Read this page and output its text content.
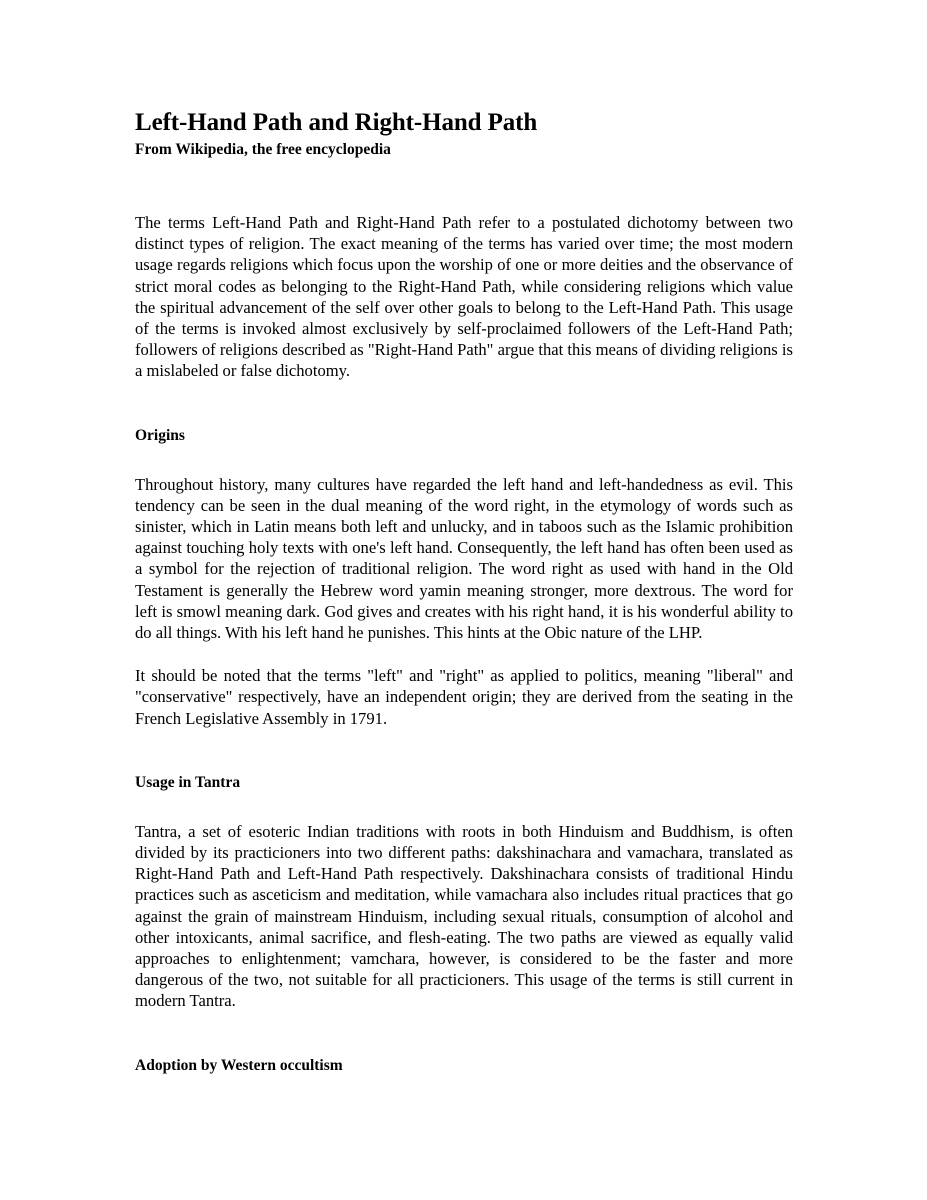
Left-Hand Path and Right-Hand Path
From Wikipedia, the free encyclopedia

The terms Left-Hand Path and Right-Hand Path refer to a postulated dichotomy between two distinct types of religion. The exact meaning of the terms has varied over time; the most modern usage regards religions which focus upon the worship of one or more deities and the observance of strict moral codes as belonging to the Right-Hand Path, while considering religions which value the spiritual advancement of the self over other goals to belong to the Left-Hand Path. This usage of the terms is invoked almost exclusively by self-proclaimed followers of the Left-Hand Path; followers of religions described as "Right-Hand Path" argue that this means of dividing religions is a mislabeled or false dichotomy.

Origins

Throughout history, many cultures have regarded the left hand and left-handedness as evil. This tendency can be seen in the dual meaning of the word right, in the etymology of words such as sinister, which in Latin means both left and unlucky, and in taboos such as the Islamic prohibition against touching holy texts with one's left hand. Consequently, the left hand has often been used as a symbol for the rejection of traditional religion. The word right as used with hand in the Old Testament is generally the Hebrew word yamin meaning stronger, more dextrous. The word for left is smowl meaning dark. God gives and creates with his right hand, it is his wonderful ability to do all things. With his left hand he punishes. This hints at the Obic nature of the LHP.

It should be noted that the terms "left" and "right" as applied to politics, meaning "liberal" and "conservative" respectively, have an independent origin; they are derived from the seating in the French Legislative Assembly in 1791.

Usage in Tantra

Tantra, a set of esoteric Indian traditions with roots in both Hinduism and Buddhism, is often divided by its practicioners into two different paths: dakshinachara and vamachara, translated as Right-Hand Path and Left-Hand Path respectively. Dakshinachara consists of traditional Hindu practices such as asceticism and meditation, while vamachara also includes ritual practices that go against the grain of mainstream Hinduism, including sexual rituals, consumption of alcohol and other intoxicants, animal sacrifice, and flesh-eating. The two paths are viewed as equally valid approaches to enlightenment; vamchara, however, is considered to be the faster and more dangerous of the two, not suitable for all practicioners. This usage of the terms is still current in modern Tantra.

Adoption by Western occultism
